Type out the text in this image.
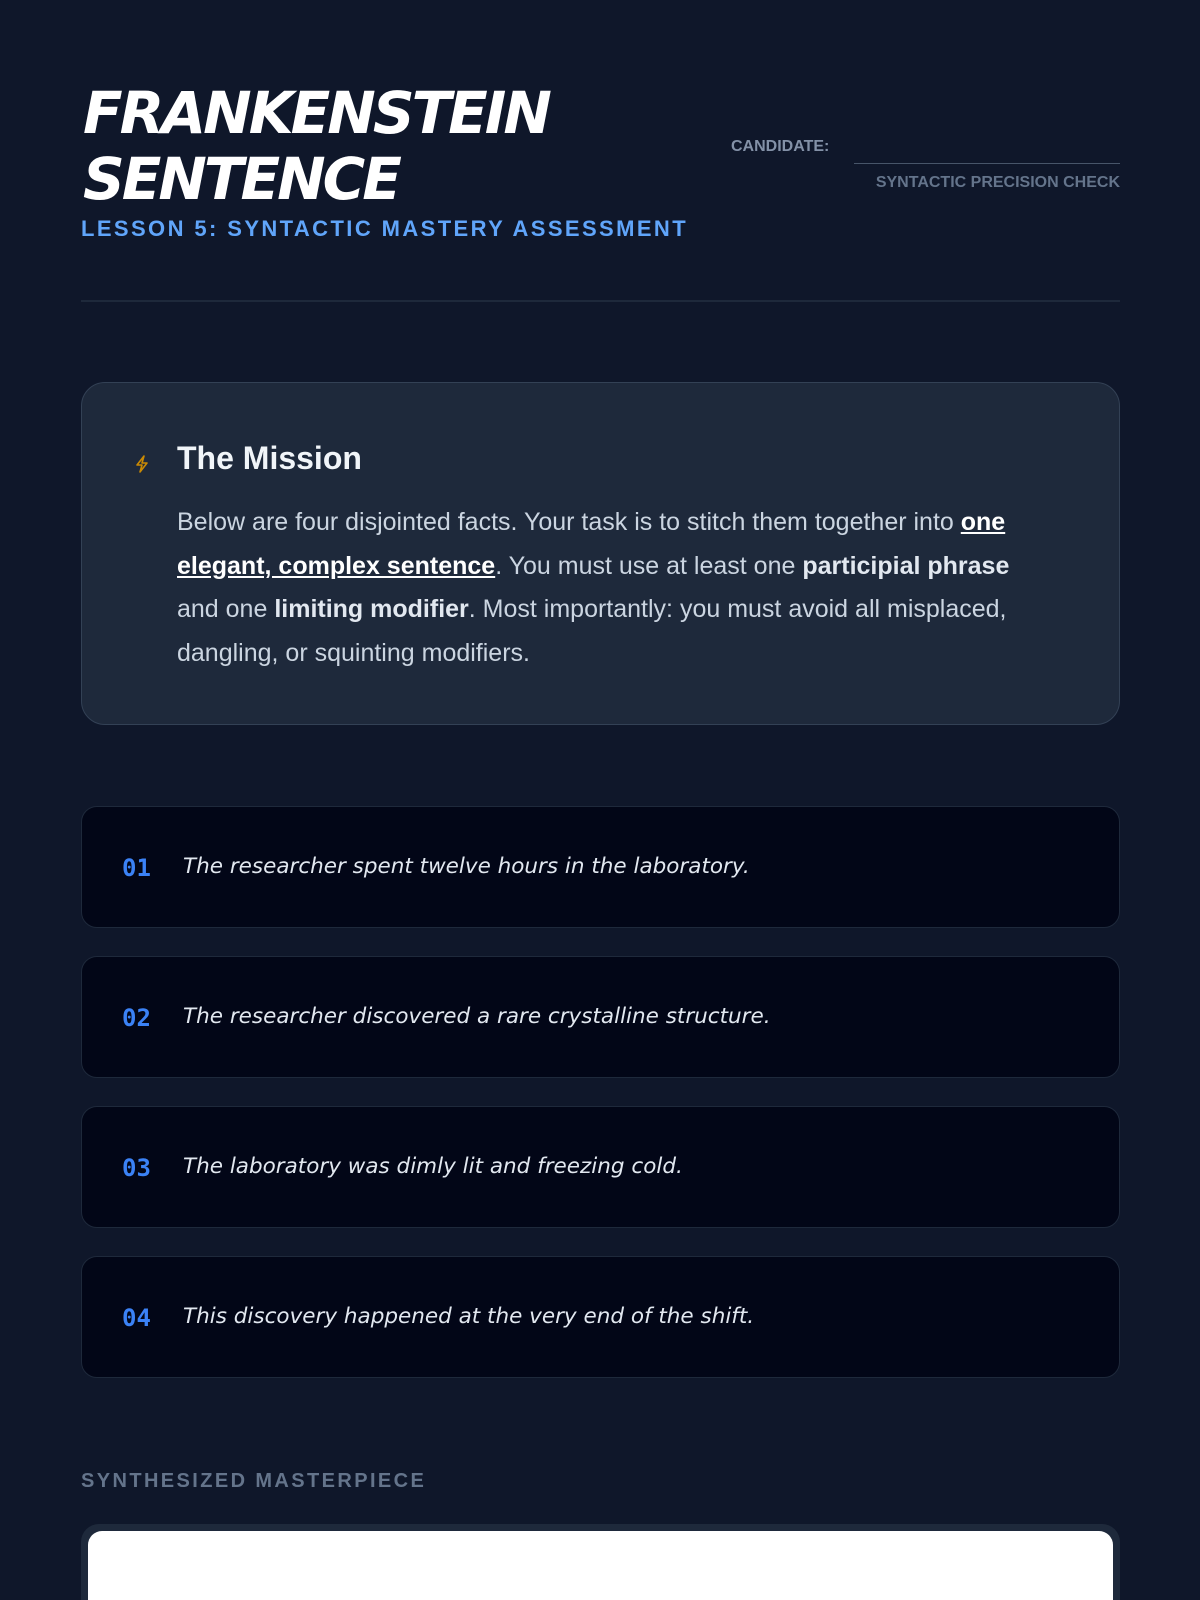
FRANKENSTEIN
SENTENCE
LESSON 5: SYNTACTIC MASTERY ASSESSMENT
CANDIDATE:
SYNTACTIC PRECISION CHECK
The Mission

Below are four disjointed facts. Your task is to stitch them together into one elegant, complex sentence. You must use at least one participial phrase and one limiting modifier. Most importantly: you must avoid all misplaced, dangling, or squinting modifiers.

01 The researcher spent twelve hours in the laboratory.
02 The researcher discovered a rare crystalline structure.
03 The laboratory was dimly lit and freezing cold.
04 This discovery happened at the very end of the shift.
SYNTHESIZED MASTERPIECE
